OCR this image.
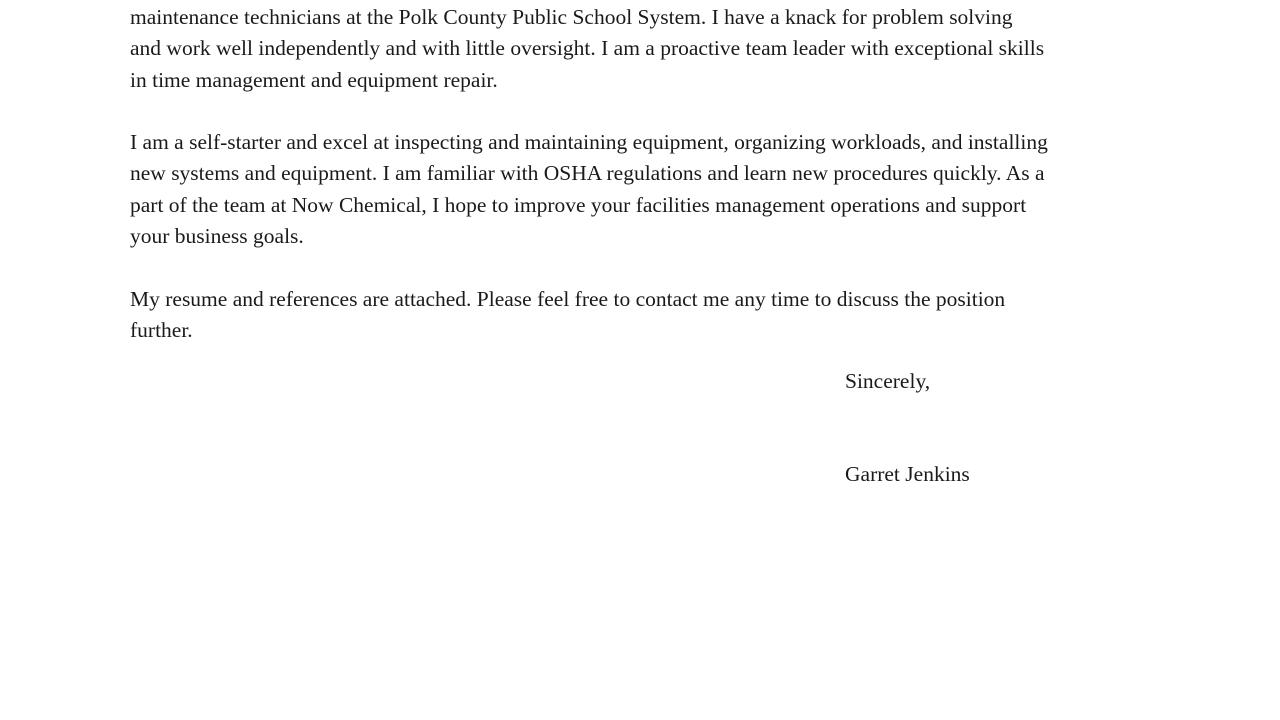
maintenance technicians at the Polk County Public School System. I have a knack for problem solving

and work well independently and with little oversight. I am a proactive team leader with exceptional skills

in time management and equipment repair.

I am a self-starter and excel at inspecting and maintaining equipment, organizing workloads, and installing

new systems and equipment. I am familiar with OSHA regulations and learn new procedures quickly. As a

part of the team at Now Chemical, I hope to improve your facilities management operations and support

your business goals.

My resume and references are attached. Please feel free to contact me any time to discuss the position

further.

Sincerely,

Garret Jenkins
